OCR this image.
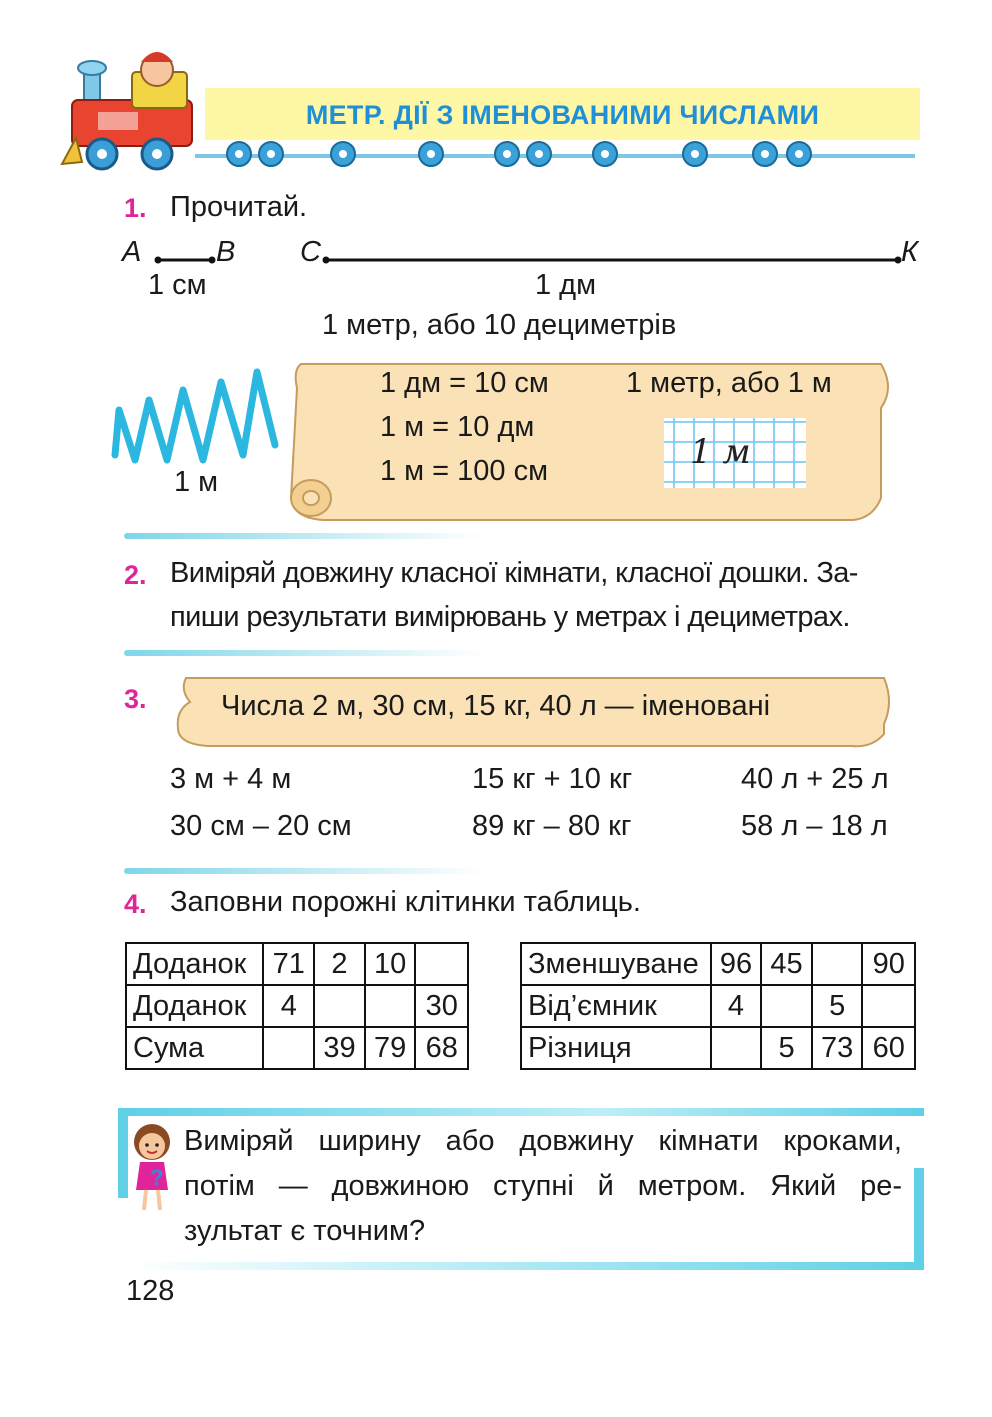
МЕТР. ДІЇ З ІМЕНОВАНИМИ ЧИСЛАМИ
1. Прочитай.
А	В
1 см
С	К
1 дм
1 метр, або 10 дециметрів
1 м
1 дм = 10 см
1 м = 10 дм
1 м = 100 см
1 метр, або 1 м
1 м
2. Виміряй довжину класної кімнати, класної дошки. За-
пиши результати вимірювань у метрах і дециметрах.
3.	Числа 2 м, 30 см, 15 кг, 40 л — іменовані
3 м + 4 м	15 кг + 10 кг	40 л + 25 л
30 см – 20 см	89 кг – 80 кг	58 л – 18 л
4. Заповни порожні клітинки таблиць.
Доданок	71	2	10	
Доданок	4			30
Сума		39	79	68
Зменшуване	96	45		90
Від’ємник	4		5	
Різниця		5	73	60
?
Виміряй ширину або довжину кімнати кроками,
потім — довжиною ступні й метром. Який ре-
зультат є точним?
128
